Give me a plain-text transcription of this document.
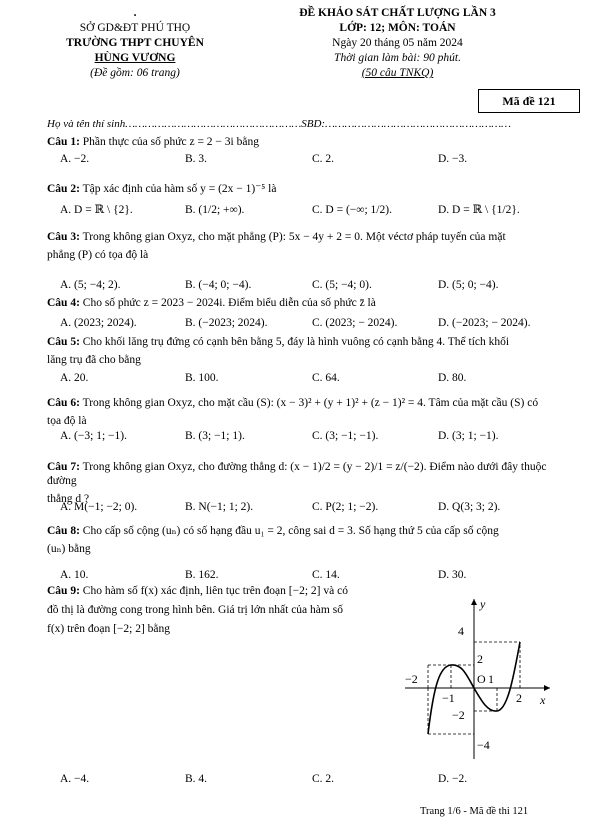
.
SỞ GD&ĐT PHÚ THỌ
TRƯỜNG THPT CHUYÊN
HÙNG VƯƠNG
(Đề gồm: 06 trang)
ĐỀ KHẢO SÁT CHẤT LƯỢNG LẦN 3
LỚP: 12; MÔN: TOÁN
Ngày 20 tháng 05 năm 2024
Thời gian làm bài: 90 phút.
(50 câu TNKQ)
Mã đề 121
Họ và tên thí sinh………………………………………………SBD:…………………………………………………
Câu 1: Phần thực của số phức z = 2 − 3i bằng
A. −2.	B. 3.	C. 2.	D. −3.
Câu 2: Tập xác định của hàm số y = (2x − 1)⁻⁵ là
A. D = ℝ \ {2}.	B. (1/2; +∞).	C. D = (−∞; 1/2).	D. D = ℝ \ {1/2}.
Câu 3: Trong không gian Oxyz, cho mặt phẳng (P): 5x − 4y + 2 = 0. Một véctơ pháp tuyến của mặt
phẳng (P) có tọa độ là
A. (5; −4; 2).	B. (−4; 0; −4).	C. (5; −4; 0).	D. (5; 0; −4).
Câu 4: Cho số phức z = 2023 − 2024i. Điểm biểu diễn của số phức z̄ là
A. (2023; 2024).	B. (−2023; 2024).	C. (2023; − 2024).	D. (−2023; − 2024).
Câu 5: Cho khối lăng trụ đứng có cạnh bên bằng 5, đáy là hình vuông có cạnh bằng 4. Thể tích khối
lăng trụ đã cho bằng
A. 20.	B. 100.	C. 64.	D. 80.
Câu 6: Trong không gian Oxyz, cho mặt cầu (S): (x − 3)² + (y + 1)² + (z − 1)² = 4. Tâm của mặt cầu (S) có
tọa độ là
A. (−3; 1; −1).	B. (3; −1; 1).	C. (3; −1; −1).	D. (3; 1; −1).
Câu 7: Trong không gian Oxyz, cho đường thẳng d: (x − 1)/2 = (y − 2)/1 = z/(−2). Điểm nào dưới đây thuộc đường
thẳng d ?
A. M(−1; −2; 0).	B. N(−1; 1; 2).	C. P(2; 1; −2).	D. Q(3; 3; 2).
Câu 8: Cho cấp số cộng (uₙ) có số hạng đầu u₁ = 2, công sai d = 3. Số hạng thứ 5 của cấp số cộng
(uₙ) bằng
A. 10.	B. 162.	C. 14.	D. 30.
Câu 9: Cho hàm số f(x) xác định, liên tục trên đoạn [−2; 2] và có
đồ thị là đường cong trong hình bên. Giá trị lớn nhất của hàm số
f(x) trên đoạn [−2; 2] bằng
A. −4.	B. 4.	C. 2.	D. −2.
y
x
O
4
2
−2
−4
−2
−1
1
2
Trang 1/6 - Mã đề thi 121
